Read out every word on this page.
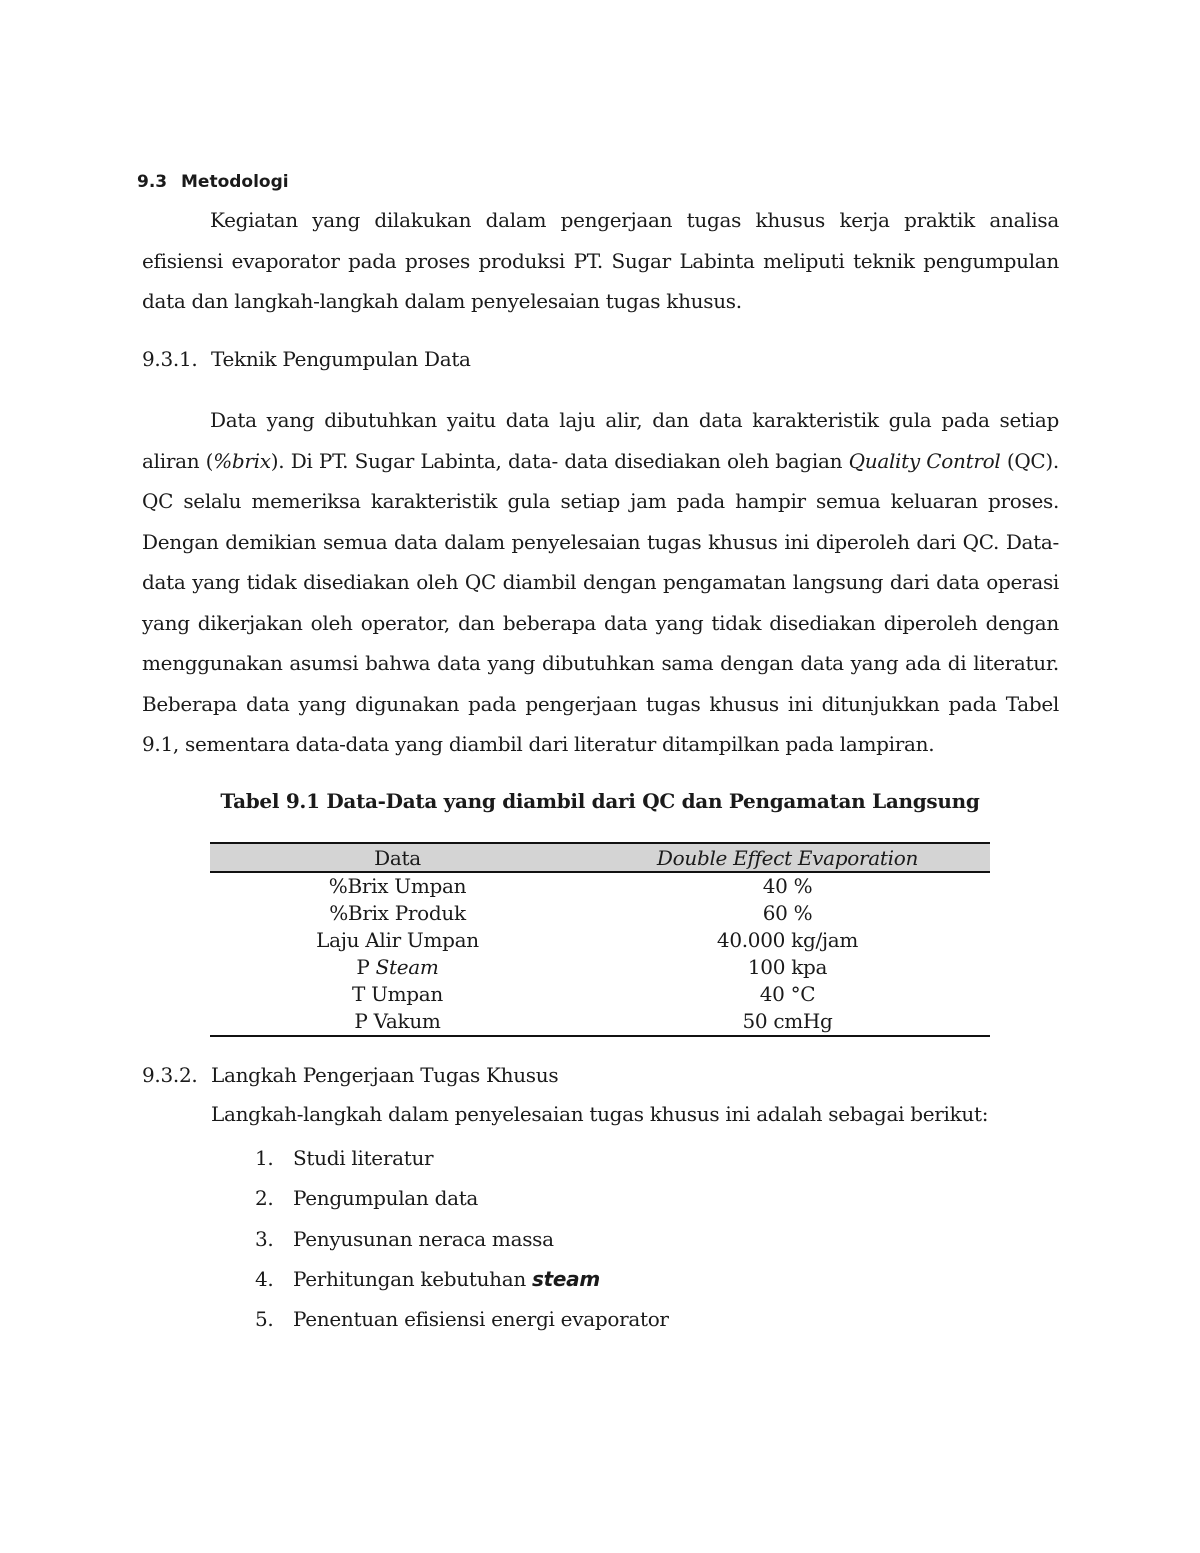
9.3 Metodologi
Kegiatan yang dilakukan dalam pengerjaan tugas khusus kerja praktik analisa efisiensi evaporator pada proses produksi PT. Sugar Labinta meliputi teknik pengumpulan data dan langkah-langkah dalam penyelesaian tugas khusus.
9.3.1. Teknik Pengumpulan Data
Data yang dibutuhkan yaitu data laju alir, dan data karakteristik gula pada setiap aliran (%brix). Di PT. Sugar Labinta, data- data disediakan oleh bagian Quality Control (QC). QC selalu memeriksa karakteristik gula setiap jam pada hampir semua keluaran proses. Dengan demikian semua data dalam penyelesaian tugas khusus ini diperoleh dari QC. Data-data yang tidak disediakan oleh QC diambil dengan pengamatan langsung dari data operasi yang dikerjakan oleh operator, dan beberapa data yang tidak disediakan diperoleh dengan menggunakan asumsi bahwa data yang dibutuhkan sama dengan data yang ada di literatur. Beberapa data yang digunakan pada pengerjaan tugas khusus ini ditunjukkan pada Tabel 9.1, sementara data-data yang diambil dari literatur ditampilkan pada lampiran.
Tabel 9.1 Data-Data yang diambil dari QC dan Pengamatan Langsung
Data	Double Effect Evaporation
%Brix Umpan	40 %
%Brix Produk	60 %
Laju Alir Umpan	40.000 kg/jam
P Steam	100 kpa
T Umpan	40 °C
P Vakum	50 cmHg
9.3.2. Langkah Pengerjaan Tugas Khusus
Langkah-langkah dalam penyelesaian tugas khusus ini adalah sebagai berikut:
1. Studi literatur
2. Pengumpulan data
3. Penyusunan neraca massa
4. Perhitungan kebutuhan steam
5. Penentuan efisiensi energi evaporator
